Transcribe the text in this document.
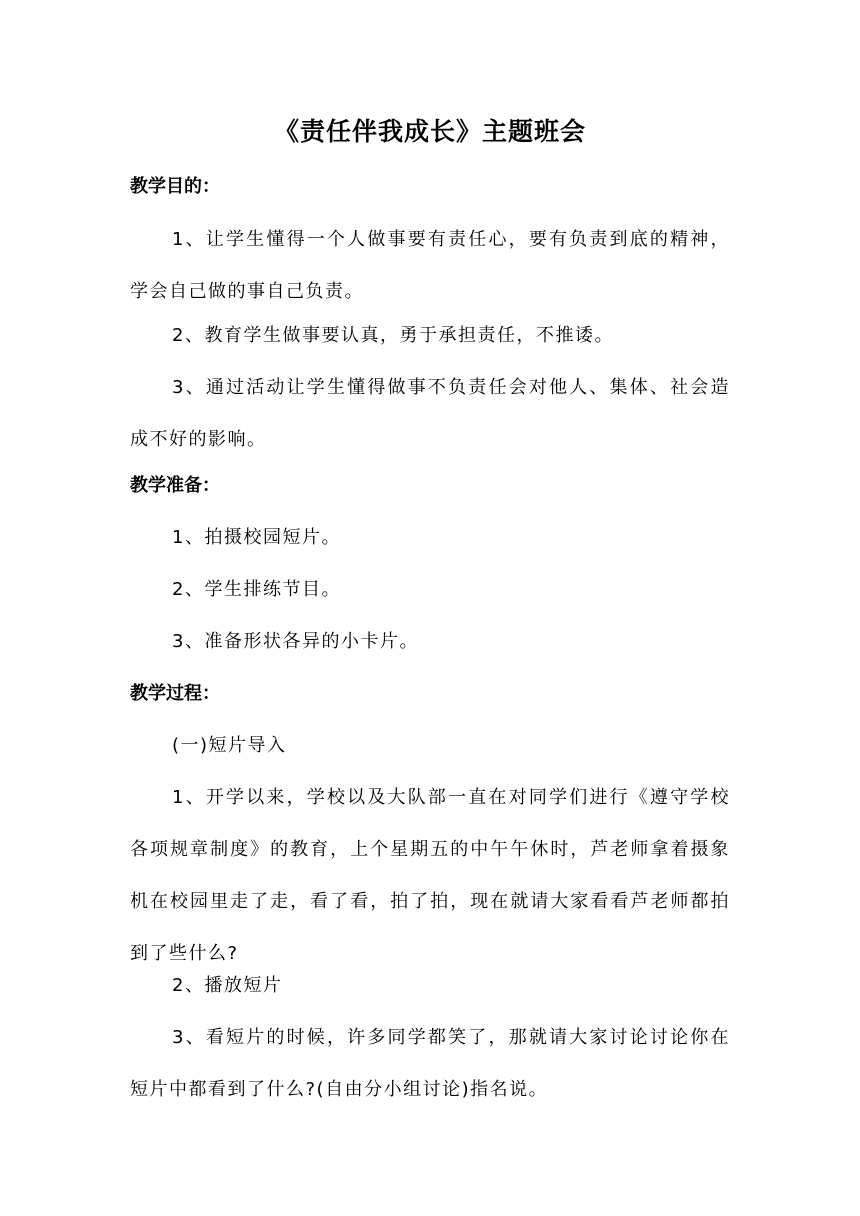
《责任伴我成长》主题班会
教学目的：

1、让学生懂得一个人做事要有责任心，要有负责到底的精神，学会自己做的事自己负责。

2、教育学生做事要认真，勇于承担责任，不推诿。

3、通过活动让学生懂得做事不负责任会对他人、集体、社会造成不好的影响。

教学准备：

1、拍摄校园短片。

2、学生排练节目。

3、准备形状各异的小卡片。

教学过程：

(一)短片导入

1、开学以来，学校以及大队部一直在对同学们进行《遵守学校各项规章制度》的教育，上个星期五的中午午休时，芦老师拿着摄象机在校园里走了走，看了看，拍了拍，现在就请大家看看芦老师都拍到了些什么?

2、播放短片

3、看短片的时候，许多同学都笑了，那就请大家讨论讨论你在短片中都看到了什么?(自由分小组讨论)指名说。
